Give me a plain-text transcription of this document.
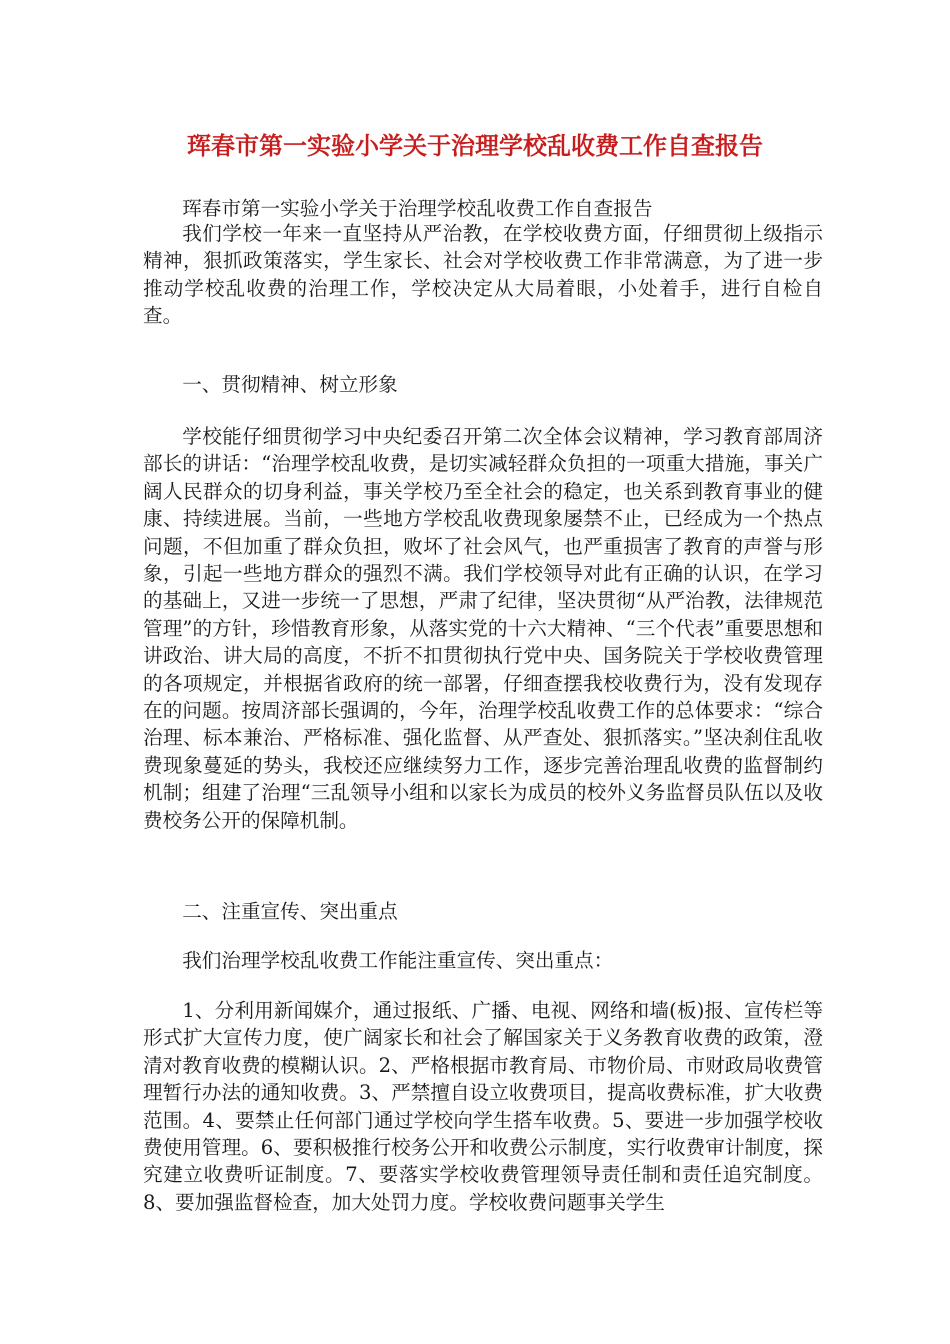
珲春市第一实验小学关于治理学校乱收费工作自查报告

珲春市第一实验小学关于治理学校乱收费工作自查报告

我们学校一年来一直坚持从严治教，在学校收费方面，仔细贯彻上级指示精神，狠抓政策落实，学生家长、社会对学校收费工作非常满意，为了进一步推动学校乱收费的治理工作，学校决定从大局着眼，小处着手，进行自检自查。

一、贯彻精神、树立形象

学校能仔细贯彻学习中央纪委召开第二次全体会议精神，学习教育部周济部长的讲话：“治理学校乱收费，是切实减轻群众负担的一项重大措施，事关广阔人民群众的切身利益，事关学校乃至全社会的稳定，也关系到教育事业的健康、持续进展。当前，一些地方学校乱收费现象屡禁不止，已经成为一个热点问题，不但加重了群众负担，败坏了社会风气，也严重损害了教育的声誉与形象，引起一些地方群众的强烈不满。我们学校领导对此有正确的认识，在学习的基础上，又进一步统一了思想，严肃了纪律，坚决贯彻“从严治教，法律规范管理”的方针，珍惜教育形象，从落实党的十六大精神、“三个代表”重要思想和讲政治、讲大局的高度，不折不扣贯彻执行党中央、国务院关于学校收费管理的各项规定，并根据省政府的统一部署，仔细查摆我校收费行为，没有发现存在的问题。按周济部长强调的，今年，治理学校乱收费工作的总体要求：“综合治理、标本兼治、严格标准、强化监督、从严查处、狠抓落实。”坚决刹住乱收费现象蔓延的势头，我校还应继续努力工作，逐步完善治理乱收费的监督制约机制；组建了治理“三乱领导小组和以家长为成员的校外义务监督员队伍以及收费校务公开的保障机制。

二、注重宣传、突出重点

我们治理学校乱收费工作能注重宣传、突出重点：

1、分利用新闻媒介，通过报纸、广播、电视、网络和墙(板)报、宣传栏等形式扩大宣传力度，使广阔家长和社会了解国家关于义务教育收费的政策，澄清对教育收费的模糊认识。2、严格根据市教育局、市物价局、市财政局收费管理暂行办法的通知收费。3、严禁擅自设立收费项目，提高收费标准，扩大收费范围。4、要禁止任何部门通过学校向学生搭车收费。5、要进一步加强学校收费使用管理。6、要积极推行校务公开和收费公示制度，实行收费审计制度，探究建立收费听证制度。7、要落实学校收费管理领导责任制和责任追究制度。8、要加强监督检查，加大处罚力度。学校收费问题事关学生
